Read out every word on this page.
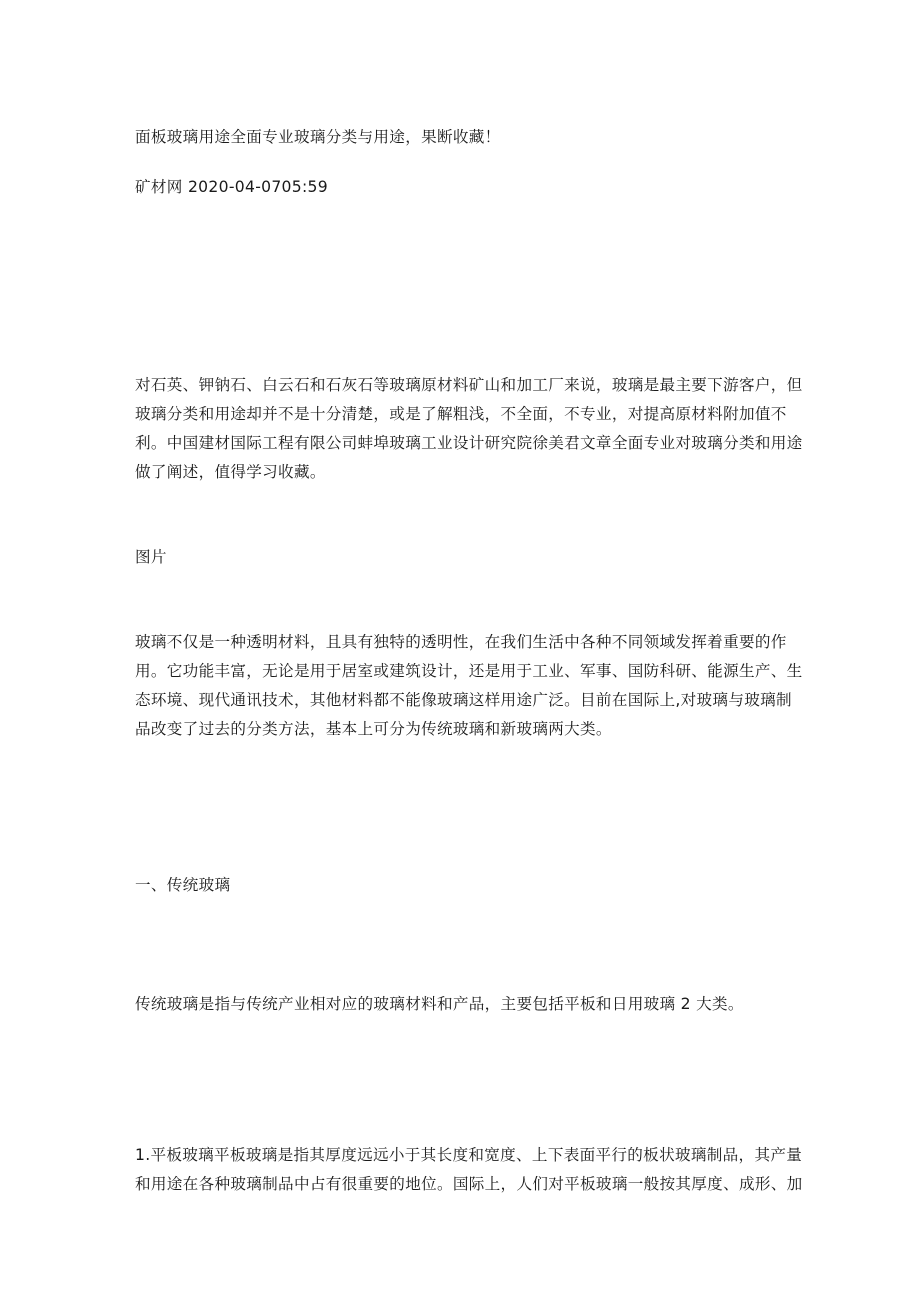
面板玻璃用途全面专业玻璃分类与用途，果断收藏！
矿材网 2020-04-0705:59
对石英、钾钠石、白云石和石灰石等玻璃原材料矿山和加工厂来说，玻璃是最主要下游客户，但
玻璃分类和用途却并不是十分清楚，或是了解粗浅，不全面，不专业，对提高原材料附加值不
利。中国建材国际工程有限公司蚌埠玻璃工业设计研究院徐美君文章全面专业对玻璃分类和用途
做了阐述，值得学习收藏。
图片
玻璃不仅是一种透明材料，且具有独特的透明性，在我们生活中各种不同领域发挥着重要的作
用。它功能丰富，无论是用于居室或建筑设计，还是用于工业、军事、国防科研、能源生产、生
态环境、现代通讯技术，其他材料都不能像玻璃这样用途广泛。目前在国际上,对玻璃与玻璃制
品改变了过去的分类方法，基本上可分为传统玻璃和新玻璃两大类。
一、传统玻璃
传统玻璃是指与传统产业相对应的玻璃材料和产品，主要包括平板和日用玻璃 2 大类。
1.平板玻璃平板玻璃是指其厚度远远小于其长度和宽度、上下表面平行的板状玻璃制品，其产量
和用途在各种玻璃制品中占有很重要的地位。国际上，人们对平板玻璃一般按其厚度、成形、加
